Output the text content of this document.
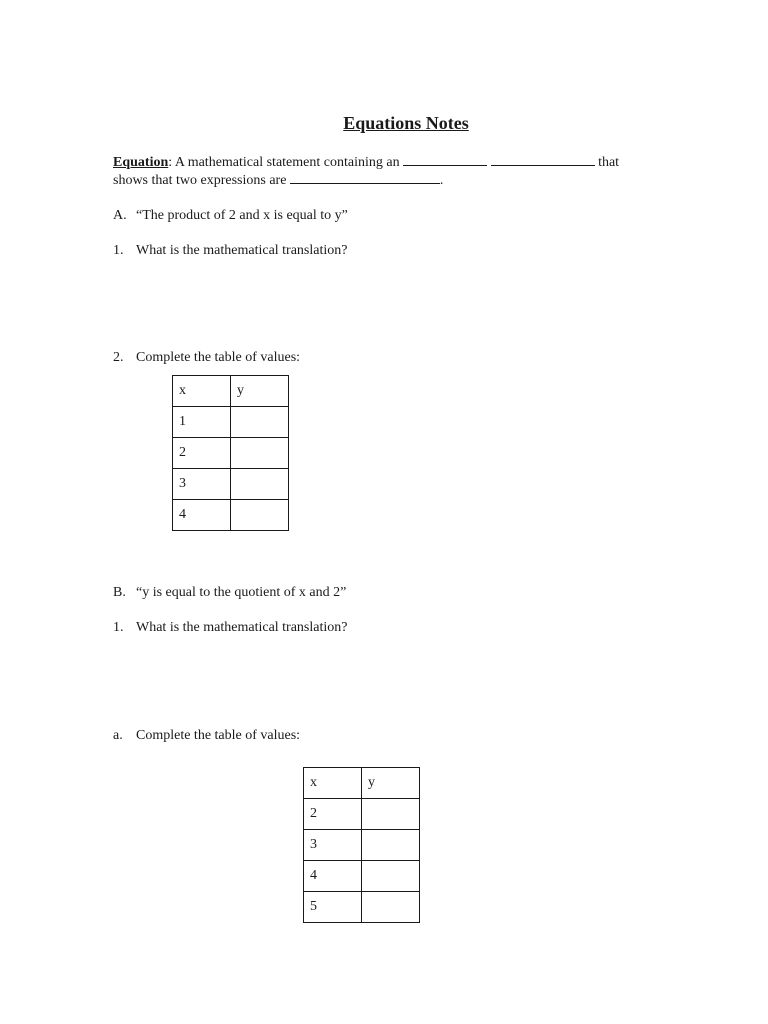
Equations Notes
Equation: A mathematical statement containing an	that
shows that two expressions are	.
A. “The product of 2 and x is equal to y”
1. What is the mathematical translation?
2. Complete the table of values:
x	y
1	
2	
3	
4	
B. “y is equal to the quotient of x and 2”
1. What is the mathematical translation?
a. Complete the table of values:
x	y
2	
3	
4	
5	
